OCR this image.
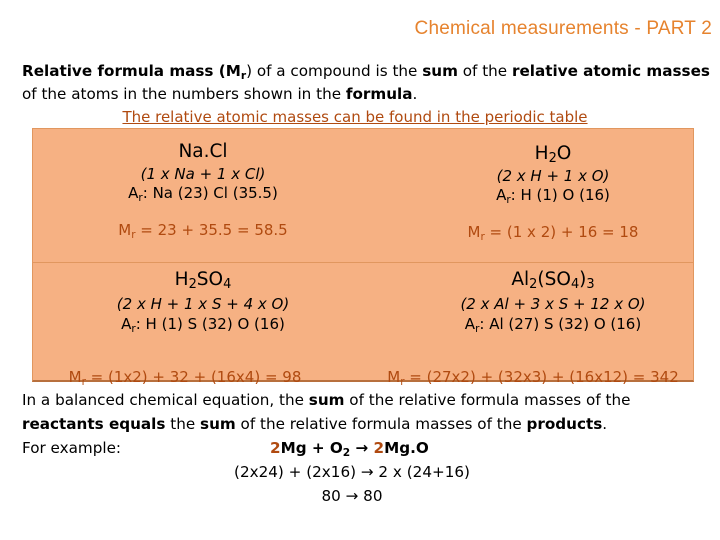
Chemical measurements - PART 2
Relative formula mass $(M_r)$ of a compound is the sum of the relative atomic masses of the atoms in the numbers shown in the formula.
The relative atomic masses can be found in the periodic table
Na.Cl
(1 x Na + 1 x Cl)
$A_r$: Na (23) Cl (35.5)
$M_r = 23 + 35.5 = 58.5$
$H_2O$
(2 x H + 1 x O)
$A_r$: H (1) O (16)
$M_r = (1$ x 2) + 16 = 18
$H_2SO_4$
(2 x H + 1 x S + 4 x O)
$A_r$: H (1) S (32) O (16)
$Al_2(SO_4)_3$
(2 x Al + 3 x S + 12 x O)
$A_r$: Al (27) S (32) O (16)
$M_r = (1x2) + 32 + (16x4) = 98$	$M_r = (27x2) + (32x3) + (16x12) = 342$
In a balanced chemical equation, the sum of the relative formula masses of the reactants equals the sum of the relative formula masses of the products.
For example:	$2Mg + O_2 \to 2Mg.O$
(2x24) + (2x16) → 2 x (24+16)
80 → 80
